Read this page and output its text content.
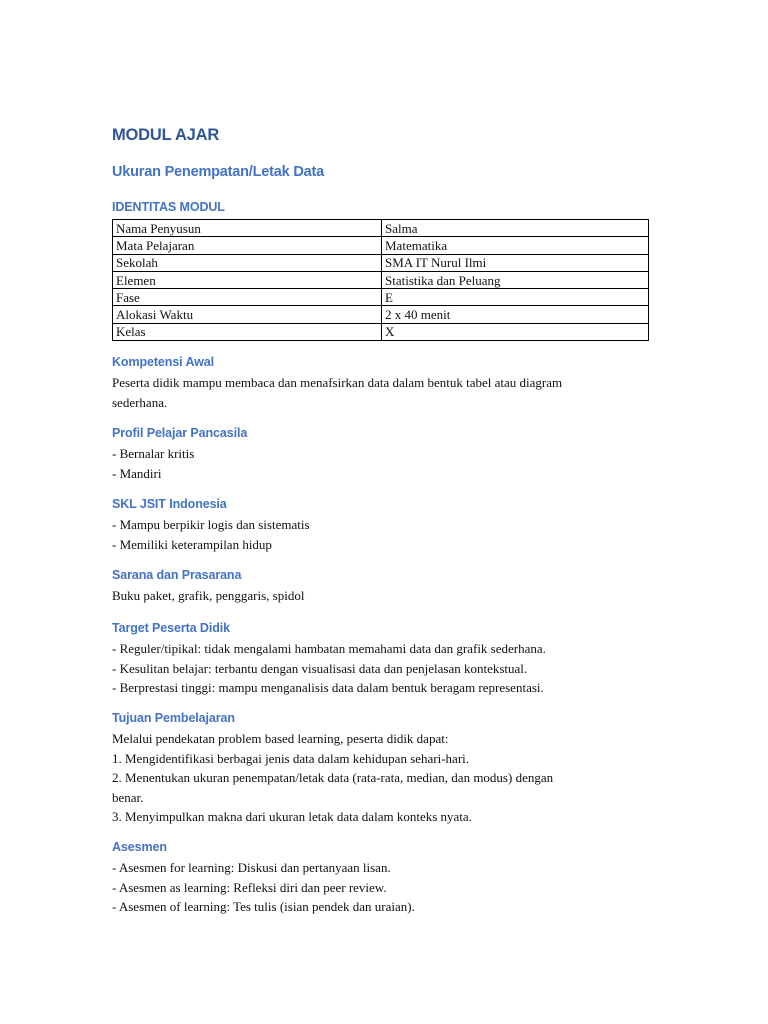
MODUL AJAR
Ukuran Penempatan/Letak Data
IDENTITAS MODUL
Nama Penyusun	Salma
Mata Pelajaran	Matematika
Sekolah	SMA IT Nurul Ilmi
Elemen	Statistika dan Peluang
Fase	E
Alokasi Waktu	2 x 40 menit
Kelas	X
Kompetensi Awal
Peserta didik mampu membaca dan menafsirkan data dalam bentuk tabel atau diagram
sederhana.
Profil Pelajar Pancasila
- Bernalar kritis
- Mandiri
SKL JSIT Indonesia
- Mampu berpikir logis dan sistematis
- Memiliki keterampilan hidup
Sarana dan Prasarana
Buku paket, grafik, penggaris, spidol
Target Peserta Didik
- Reguler/tipikal: tidak mengalami hambatan memahami data dan grafik sederhana.
- Kesulitan belajar: terbantu dengan visualisasi data dan penjelasan kontekstual.
- Berprestasi tinggi: mampu menganalisis data dalam bentuk beragam representasi.
Tujuan Pembelajaran
Melalui pendekatan problem based learning, peserta didik dapat:
1. Mengidentifikasi berbagai jenis data dalam kehidupan sehari-hari.
2. Menentukan ukuran penempatan/letak data (rata-rata, median, dan modus) dengan
benar.
3. Menyimpulkan makna dari ukuran letak data dalam konteks nyata.
Asesmen
- Asesmen for learning: Diskusi dan pertanyaan lisan.
- Asesmen as learning: Refleksi diri dan peer review.
- Asesmen of learning: Tes tulis (isian pendek dan uraian).
